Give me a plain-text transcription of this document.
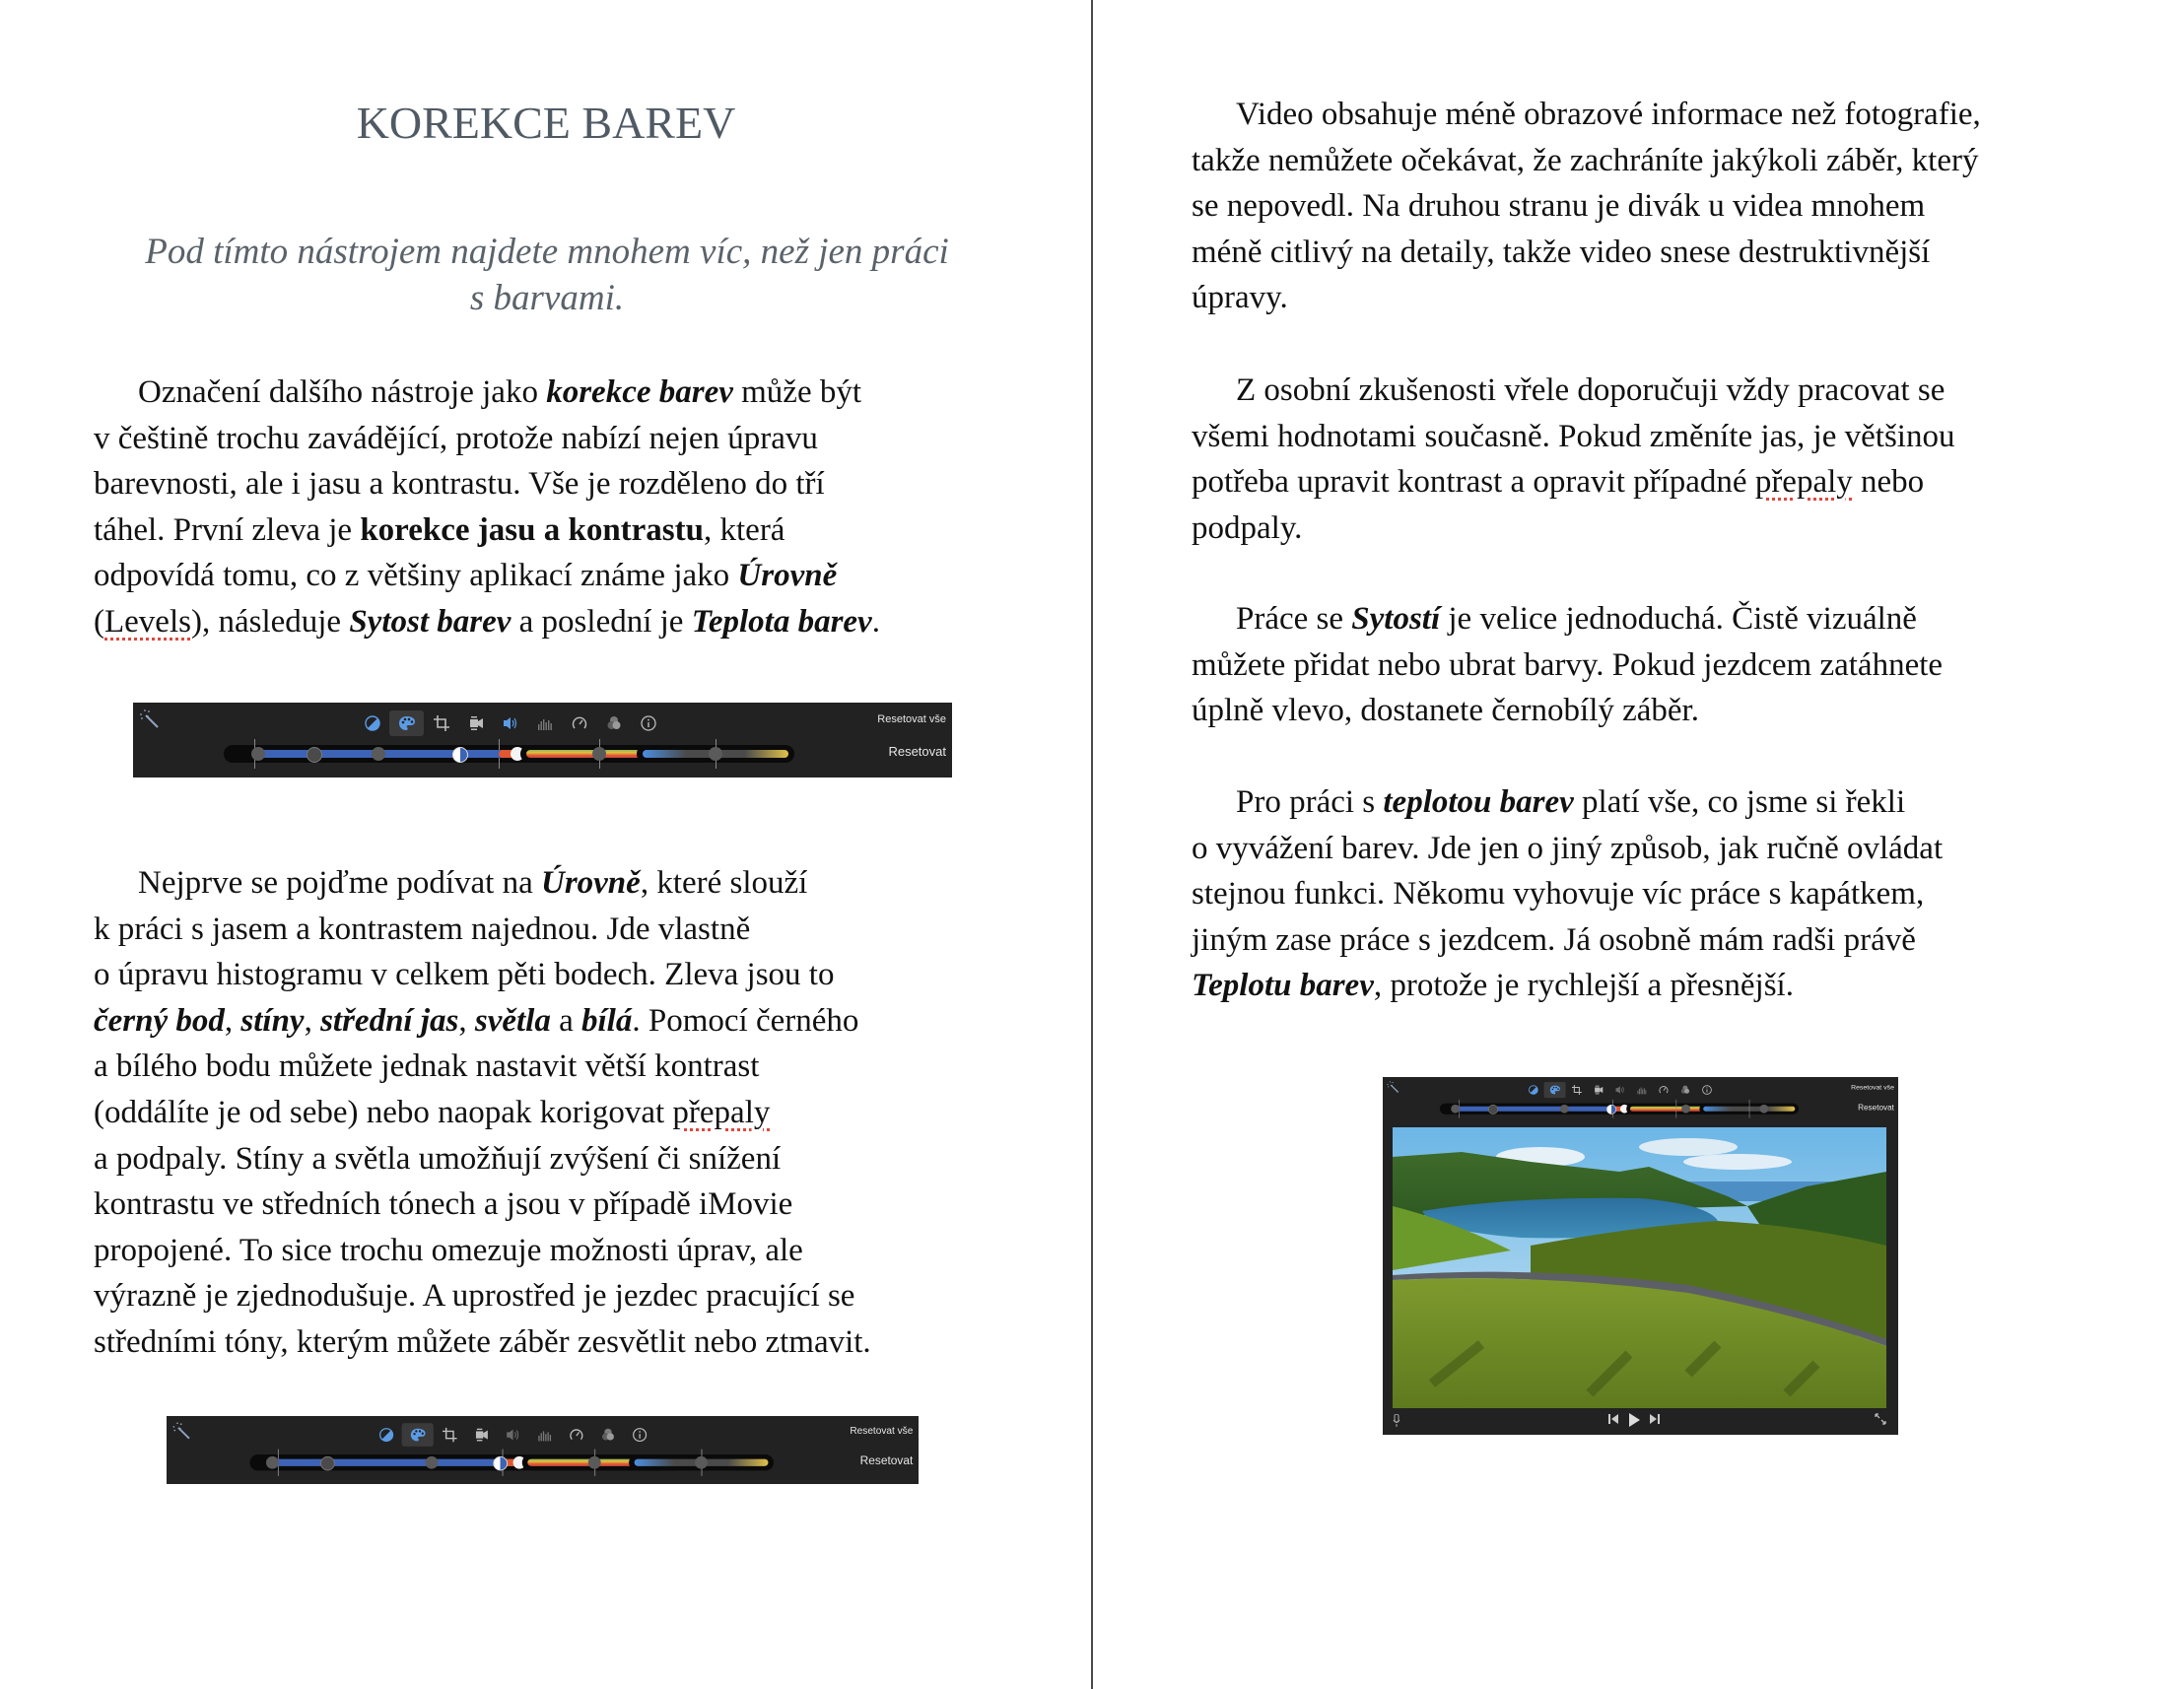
KOREKCE BAREV
Pod tímto nástrojem najdete mnohem víc, než jen práci
s barvami.
Označení dalšího nástroje jako korekce barev může být
v češtině trochu zavádějící, protože nabízí nejen úpravu
barevnosti, ale i jasu a kontrastu. Vše je rozděleno do tří
táhel. První zleva je korekce jasu a kontrastu, která
odpovídá tomu, co z většiny aplikací známe jako Úrovně
(Levels), následuje Sytost barev a poslední je Teplota barev.
Resetovat vše
Resetovat
Nejprve se pojďme podívat na Úrovně, které slouží
k práci s jasem a kontrastem najednou. Jde vlastně
o úpravu histogramu v celkem pěti bodech. Zleva jsou to
černý bod, stíny, střední jas, světla a bílá. Pomocí černého
a bílého bodu můžete jednak nastavit větší kontrast
(oddálíte je od sebe) nebo naopak korigovat přepaly
a podpaly. Stíny a světla umožňují zvýšení či snížení
kontrastu ve středních tónech a jsou v případě iMovie
propojené. To sice trochu omezuje možnosti úprav, ale
výrazně je zjednodušuje. A uprostřed je jezdec pracující se
středními tóny, kterým můžete záběr zesvětlit nebo ztmavit.
Resetovat vše
Resetovat
Video obsahuje méně obrazové informace než fotografie,
takže nemůžete očekávat, že zachráníte jakýkoli záběr, který
se nepovedl. Na druhou stranu je divák u videa mnohem
méně citlivý na detaily, takže video snese destruktivnější
úpravy.
Z osobní zkušenosti vřele doporučuji vždy pracovat se
všemi hodnotami současně. Pokud změníte jas, je většinou
potřeba upravit kontrast a opravit případné přepaly nebo
podpaly.
Práce se Sytostí je velice jednoduchá. Čistě vizuálně
můžete přidat nebo ubrat barvy. Pokud jezdcem zatáhnete
úplně vlevo, dostanete černobílý záběr.
Pro práci s teplotou barev platí vše, co jsme si řekli
o vyvážení barev. Jde jen o jiný způsob, jak ručně ovládat
stejnou funkci. Někomu vyhovuje víc práce s kapátkem,
jiným zase práce s jezdcem. Já osobně mám radši právě
Teplotu barev, protože je rychlejší a přesnější.
Resetovat vše
Resetovat
